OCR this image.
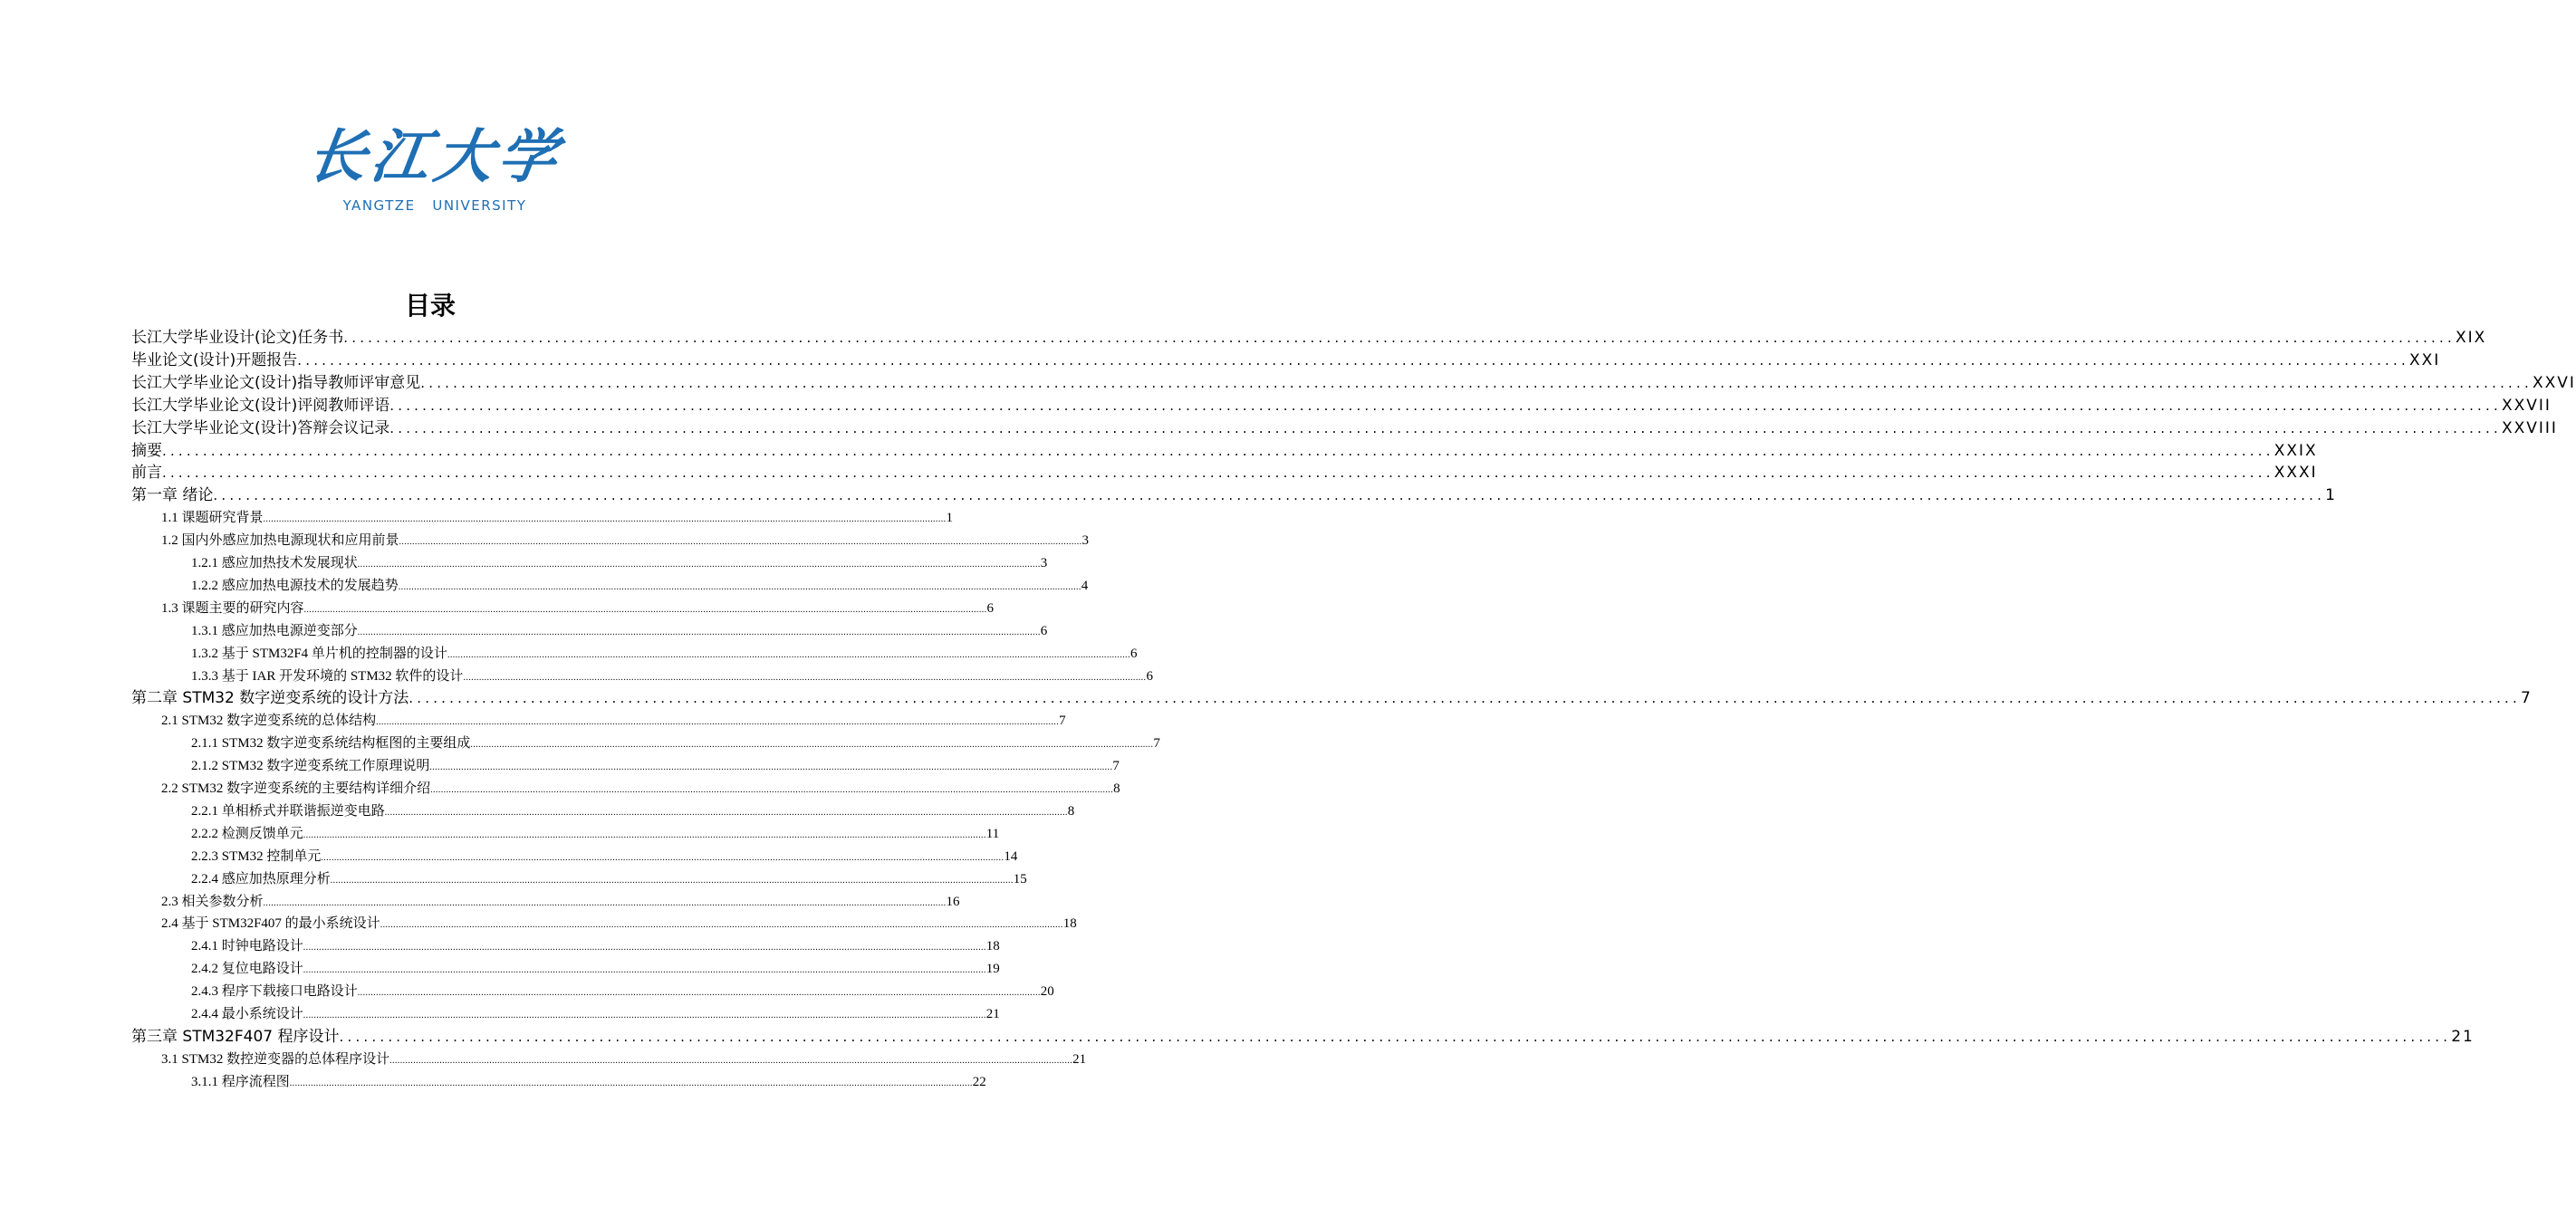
长江大学
YANGTZE   UNIVERSITY
目录
长江大学毕业设计(论文)任务书 .................................................................................................................................................................................................................................................................... XIX
毕业论文(设计)开题报告 .................................................................................................................................................................................................................................................................... XXI
长江大学毕业论文(设计)指导教师评审意见 .................................................................................................................................................................................................................................................................... XXVI
长江大学毕业论文(设计)评阅教师评语 .................................................................................................................................................................................................................................................................... XXVII
长江大学毕业论文(设计)答辩会议记录 .................................................................................................................................................................................................................................................................... XXVIII
摘要 .................................................................................................................................................................................................................................................................... XXIX
前言 .................................................................................................................................................................................................................................................................... XXXI
第一章 绪论 .................................................................................................................................................................................................................................................................... 1
1.1 课题研究背景 .................................................................................................................................................................................................................................................................... 1
1.2 国内外感应加热电源现状和应用前景 .................................................................................................................................................................................................................................................................... 3
1.2.1 感应加热技术发展现状 .................................................................................................................................................................................................................................................................... 3
1.2.2 感应加热电源技术的发展趋势 .................................................................................................................................................................................................................................................................... 4
1.3 课题主要的研究内容 .................................................................................................................................................................................................................................................................... 6
1.3.1 感应加热电源逆变部分 .................................................................................................................................................................................................................................................................... 6
1.3.2 基于 STM32F4 单片机的控制器的设计 .................................................................................................................................................................................................................................................................... 6
1.3.3 基于 IAR 开发环境的 STM32 软件的设计 .................................................................................................................................................................................................................................................................... 6
第二章 STM32 数字逆变系统的设计方法 .................................................................................................................................................................................................................................................................... 7
2.1 STM32 数字逆变系统的总体结构 .................................................................................................................................................................................................................................................................... 7
2.1.1 STM32 数字逆变系统结构框图的主要组成 .................................................................................................................................................................................................................................................................... 7
2.1.2 STM32 数字逆变系统工作原理说明 .................................................................................................................................................................................................................................................................... 7
2.2 STM32 数字逆变系统的主要结构详细介绍 .................................................................................................................................................................................................................................................................... 8
2.2.1 单相桥式并联谐振逆变电路 .................................................................................................................................................................................................................................................................... 8
2.2.2 检测反馈单元 .................................................................................................................................................................................................................................................................... 11
2.2.3 STM32 控制单元 .................................................................................................................................................................................................................................................................... 14
2.2.4 感应加热原理分析 .................................................................................................................................................................................................................................................................... 15
2.3 相关参数分析 .................................................................................................................................................................................................................................................................... 16
2.4 基于 STM32F407 的最小系统设计 .................................................................................................................................................................................................................................................................... 18
2.4.1 时钟电路设计 .................................................................................................................................................................................................................................................................... 18
2.4.2 复位电路设计 .................................................................................................................................................................................................................................................................... 19
2.4.3 程序下载接口电路设计 .................................................................................................................................................................................................................................................................... 20
2.4.4 最小系统设计 .................................................................................................................................................................................................................................................................... 21
第三章 STM32F407 程序设计 .................................................................................................................................................................................................................................................................... 21
3.1 STM32 数控逆变器的总体程序设计 .................................................................................................................................................................................................................................................................... 21
3.1.1 程序流程图 .................................................................................................................................................................................................................................................................... 22
